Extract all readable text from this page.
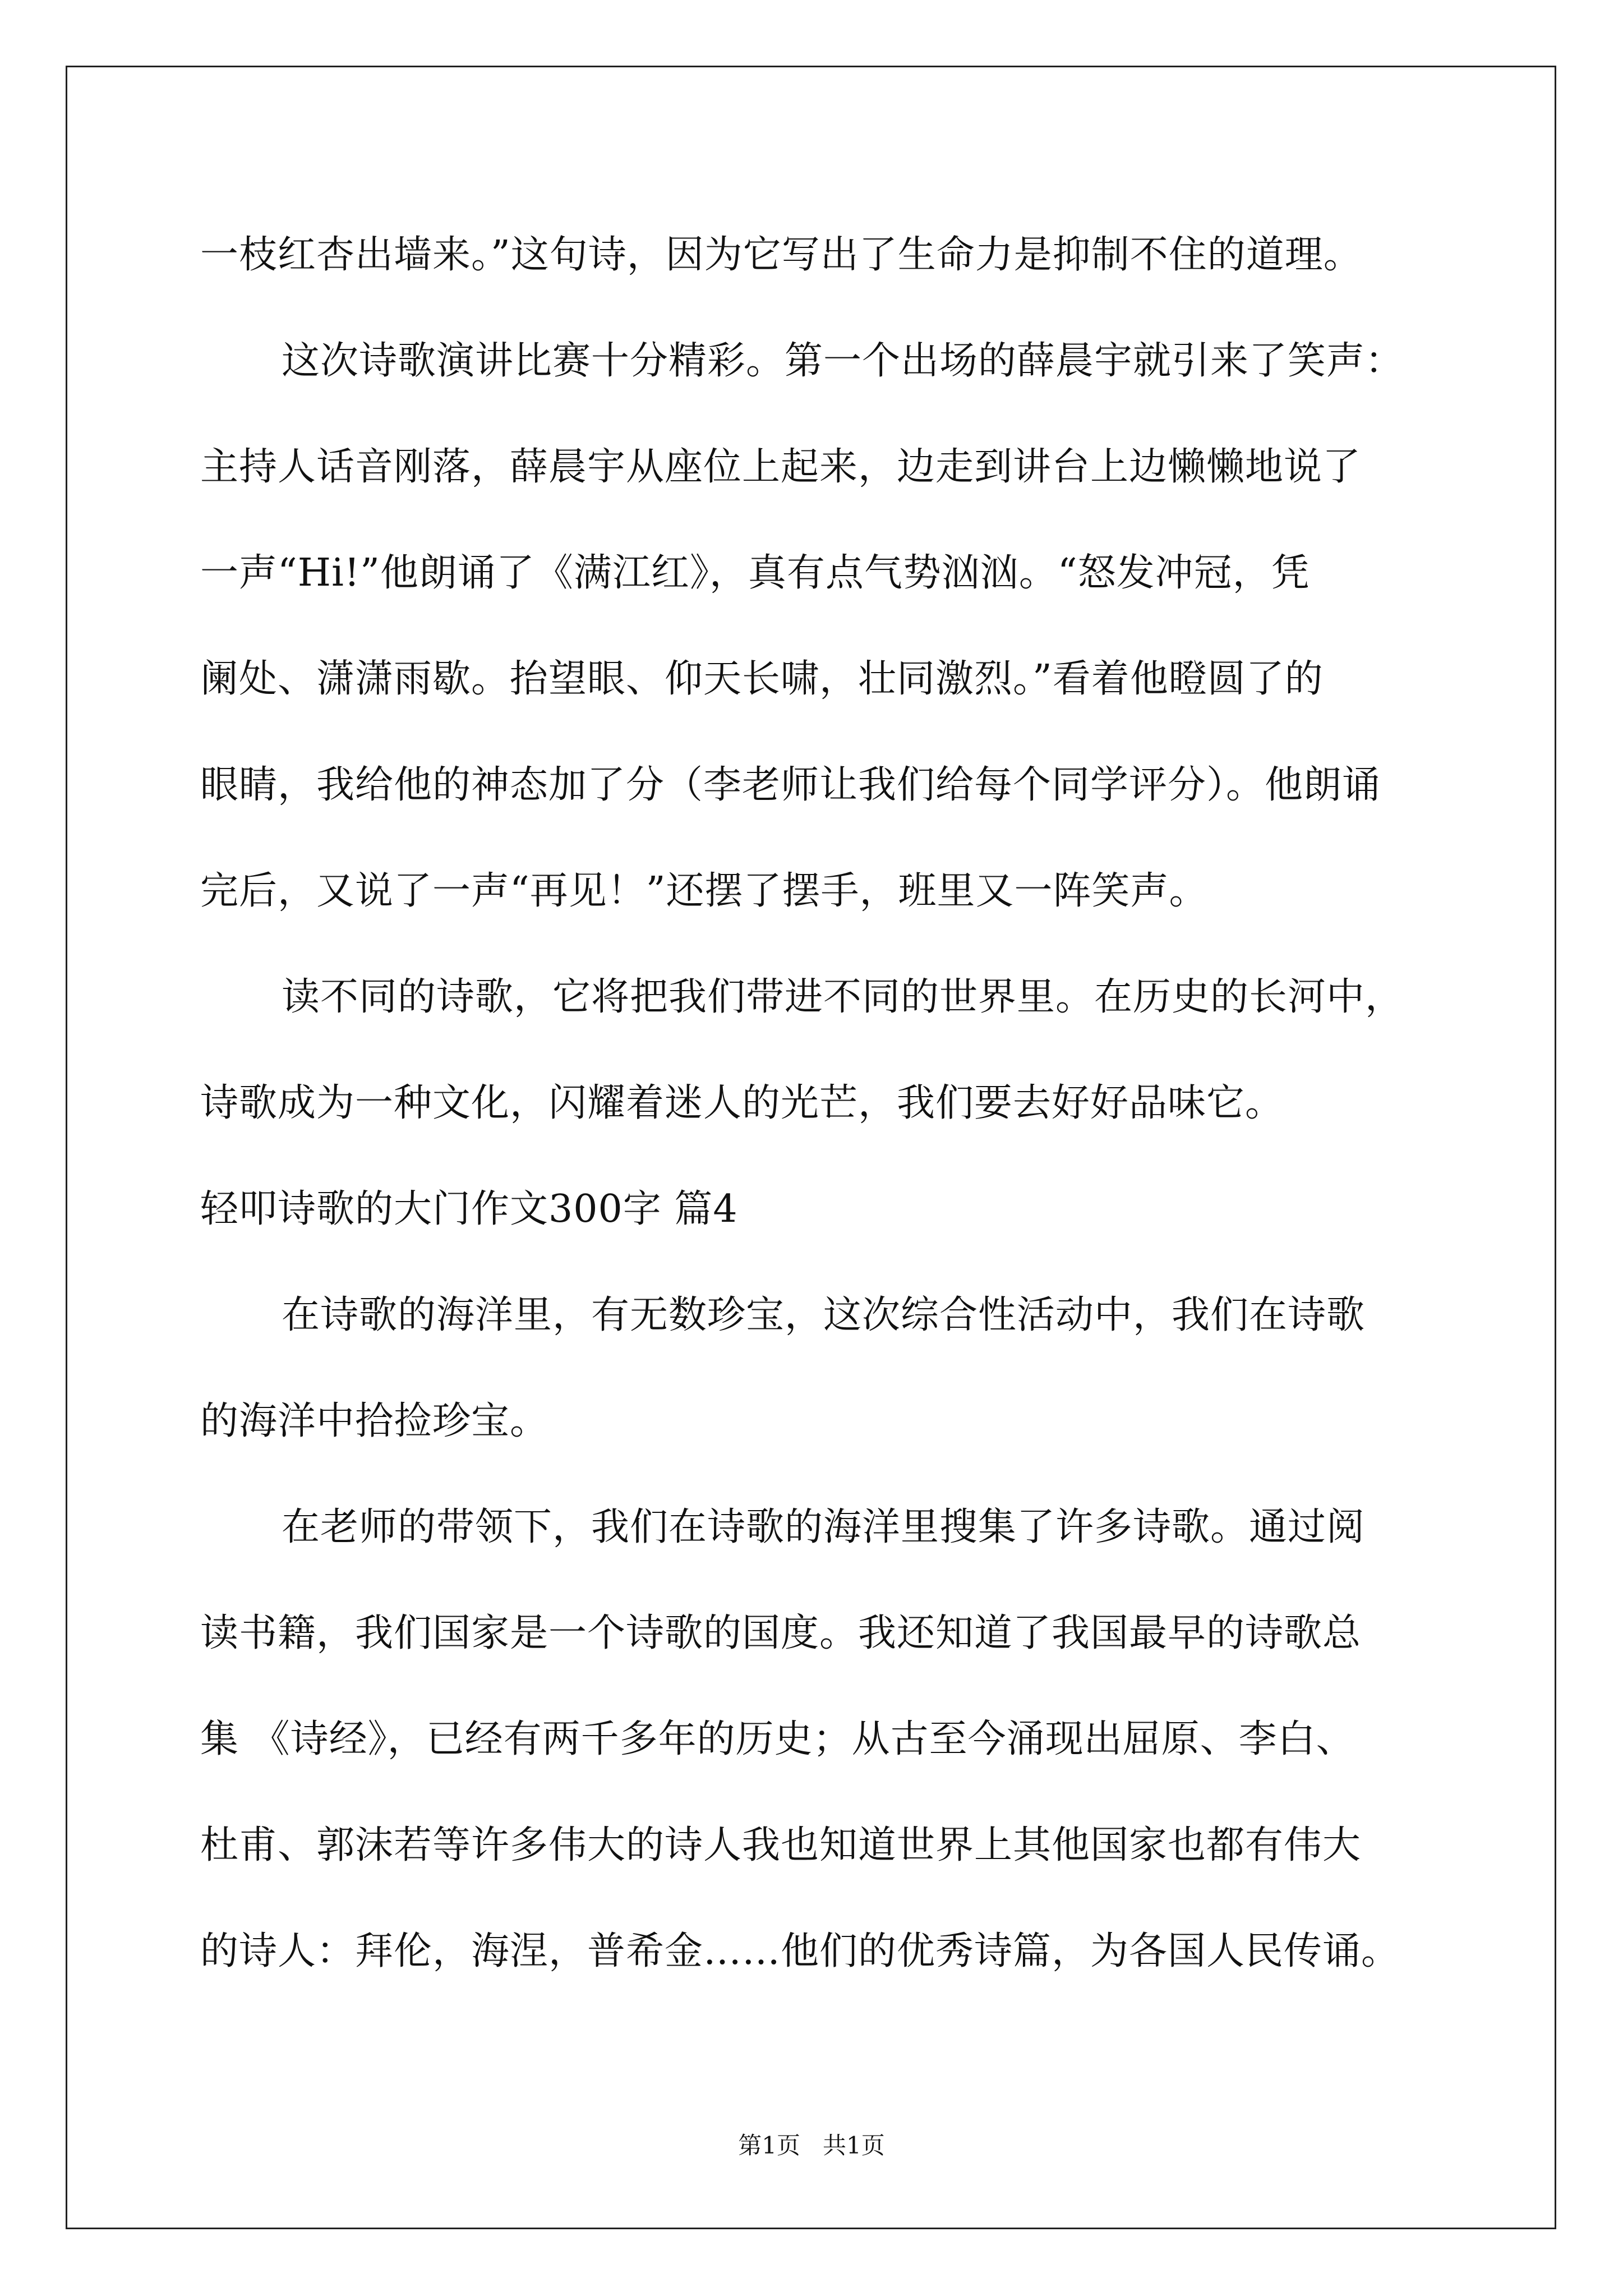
一枝红杏出墙来。”这句诗，因为它写出了生命力是抑制不住的道理。
这次诗歌演讲比赛十分精彩。第一个出场的薛晨宇就引来了笑声：
主持人话音刚落，薛晨宇从座位上起来，边走到讲台上边懒懒地说了
一声“Hi!”他朗诵了《满江红》，真有点气势汹汹。“怒发冲冠，凭
阑处、潇潇雨歇。抬望眼、仰天长啸，壮同激烈。”看着他瞪圆了的
眼睛，我给他的神态加了分（李老师让我们给每个同学评分）。他朗诵
完后，又说了一声“再见！”还摆了摆手，班里又一阵笑声。
读不同的诗歌，它将把我们带进不同的世界里。在历史的长河中，
诗歌成为一种文化，闪耀着迷人的光芒，我们要去好好品味它。
轻叩诗歌的大门作文300字 篇4
在诗歌的海洋里，有无数珍宝，这次综合性活动中，我们在诗歌
的海洋中拾捡珍宝。
在老师的带领下，我们在诗歌的海洋里搜集了许多诗歌。通过阅
读书籍，我们国家是一个诗歌的国度。我还知道了我国最早的诗歌总
集 《诗经》，已经有两千多年的历史；从古至今涌现出屈原、李白、
杜甫、郭沫若等许多伟大的诗人我也知道世界上其他国家也都有伟大
的诗人：拜伦，海涅，普希金……他们的优秀诗篇，为各国人民传诵。
第1页   共1页
